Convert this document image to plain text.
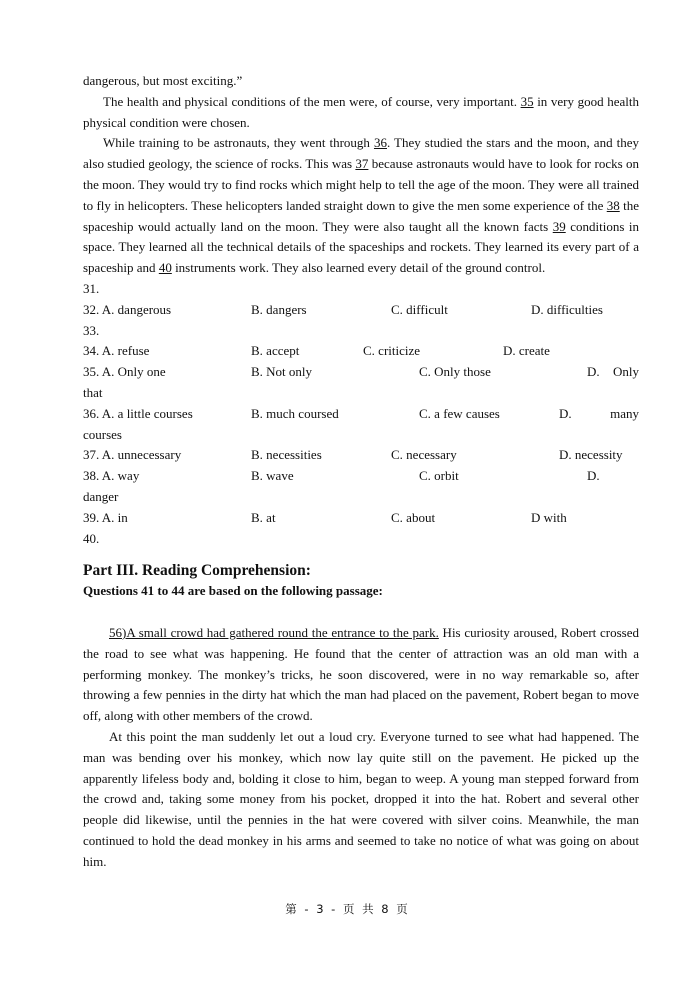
dangerous, but most exciting.”

The health and physical conditions of the men were, of course, very important. 35 in very good health physical condition were chosen.

While training to be astronauts, they went through 36. They studied the stars and the moon, and they also studied geology, the science of rocks. This was 37 because astronauts would have to look for rocks on the moon. They would try to find rocks which might help to tell the age of the moon. They were all trained to fly in helicopters. These helicopters landed straight down to give the men some experience of the 38 the spaceship would actually land on the moon. They were also taught all the known facts 39 conditions in space. They learned all the technical details of the spaceships and rockets. They learned its every part of a spaceship and 40 instruments work. They also learned every detail of the ground control.

31.
32. A. dangerous	B. dangers	C. difficult	D. difficulties
33.
34. A. refuse	B. accept	C. criticize	D. create
35. A. Only one	B. Not only	C. Only those	D. Only
that
36. A. a little courses	B. much coursed	C. a few causes	D.	many
courses
37. A. unnecessary	B. necessities	C. necessary	D. necessity
38. A. way	B. wave	C. orbit	D.
danger
39. A. in	B. at	C. about	D with
40.
Part III. Reading Comprehension:
Questions 41 to 44 are based on the following passage:

56)A small crowd had gathered round the entrance to the park. His curiosity aroused, Robert crossed the road to see what was happening. He found that the center of attraction was an old man with a performing monkey. The monkey’s tricks, he soon discovered, were in no way remarkable so, after throwing a few pennies in the dirty hat which the man had placed on the pavement, Robert began to move off, along with other members of the crowd.

At this point the man suddenly let out a loud cry. Everyone turned to see what had happened. The man was bending over his monkey, which now lay quite still on the pavement. He picked up the apparently lifeless body and, bolding it close to him, began to weep. A young man stepped forward from the crowd and, taking some money from his pocket, dropped it into the hat. Robert and several other people did likewise, until the pennies in the hat were covered with silver coins. Meanwhile, the man continued to hold the dead monkey in his arms and seemed to take no notice of what was going on about him.

第 - 3 - 页 共 8 页
